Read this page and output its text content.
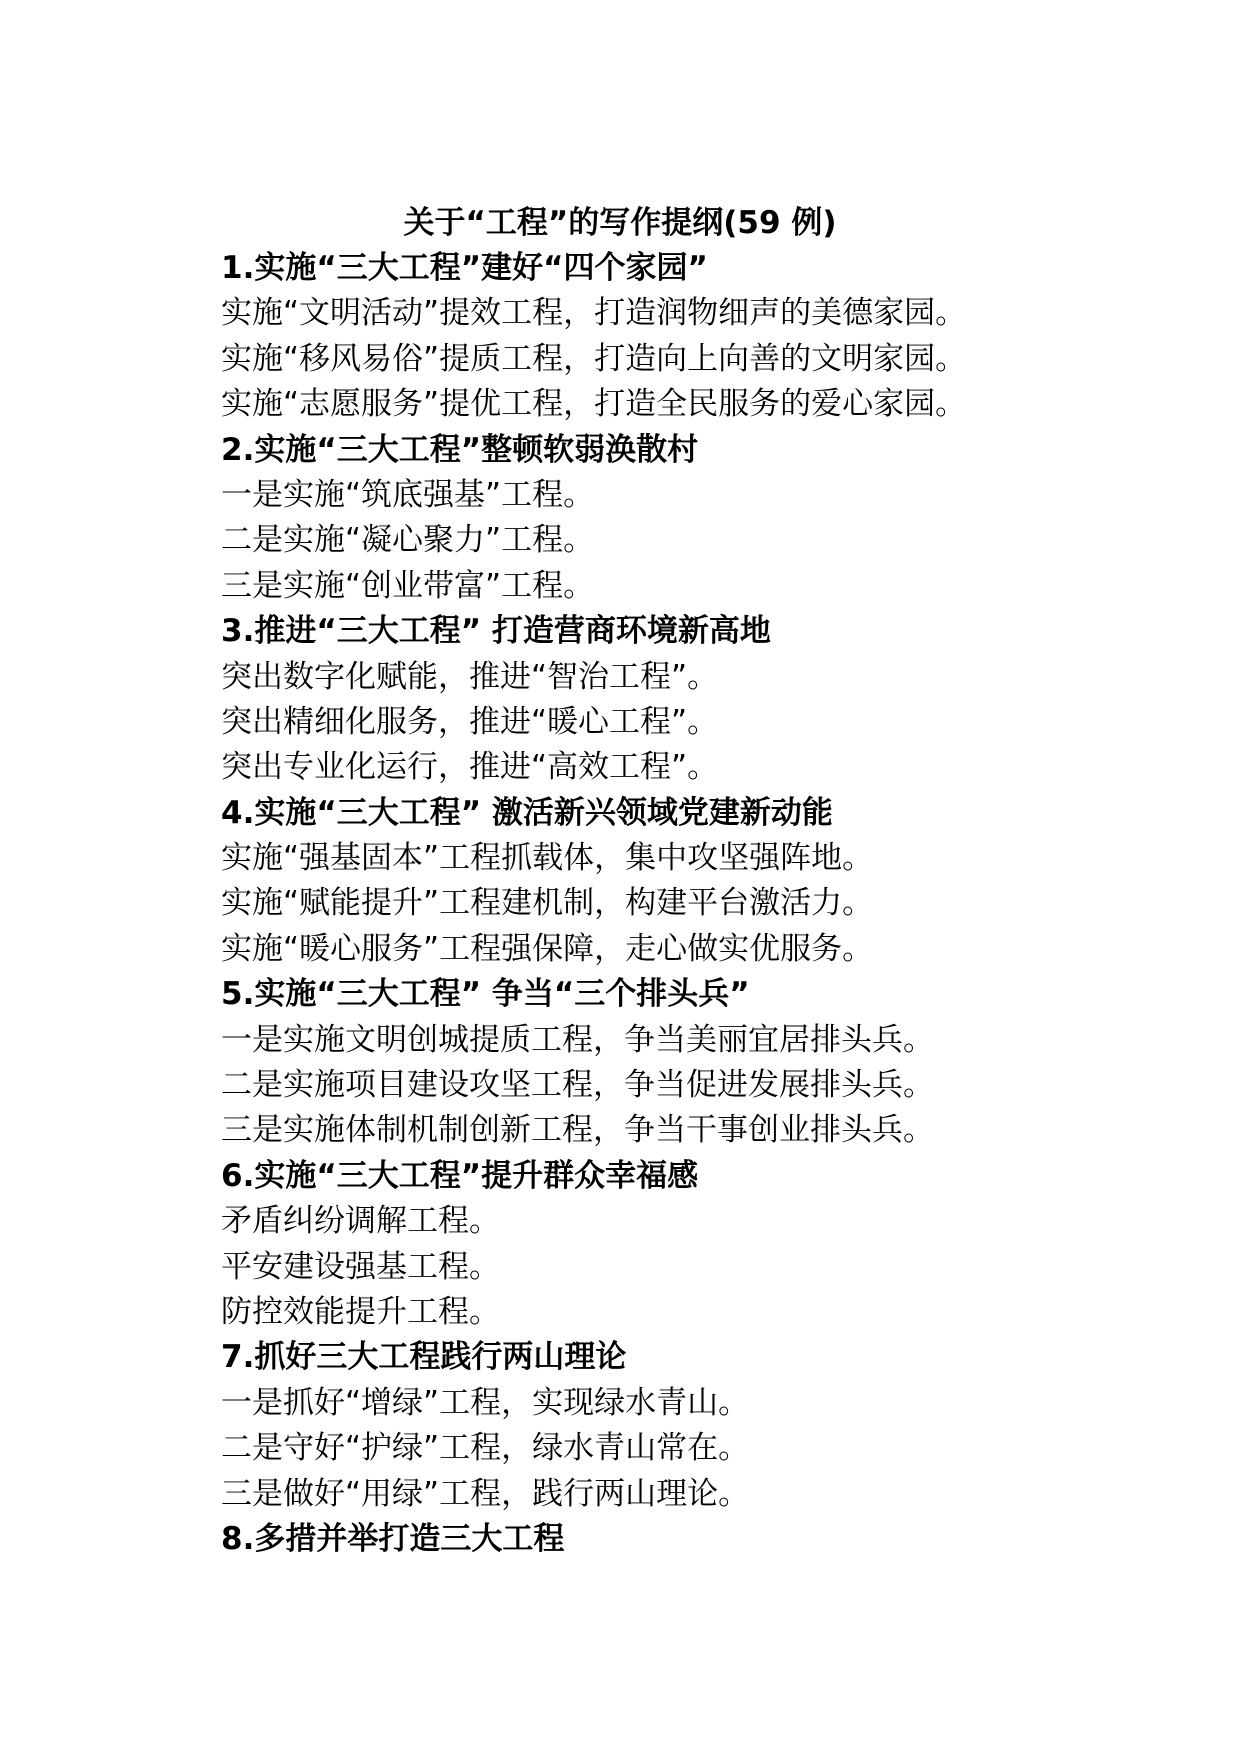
关于“工程”的写作提纲(59 例)
1.实施“三大工程”建好“四个家园”
实施“文明活动”提效工程，打造润物细声的美德家园。
实施“移风易俗”提质工程，打造向上向善的文明家园。
实施“志愿服务”提优工程，打造全民服务的爱心家园。
2.实施“三大工程”整顿软弱涣散村
一是实施“筑底强基”工程。
二是实施“凝心聚力”工程。
三是实施“创业带富”工程。
3.推进“三大工程” 打造营商环境新高地
突出数字化赋能，推进“智治工程”。
突出精细化服务，推进“暖心工程”。
突出专业化运行，推进“高效工程”。
4.实施“三大工程” 激活新兴领域党建新动能
实施“强基固本”工程抓载体，集中攻坚强阵地。
实施“赋能提升”工程建机制，构建平台激活力。
实施“暖心服务”工程强保障，走心做实优服务。
5.实施“三大工程” 争当“三个排头兵”
一是实施文明创城提质工程，争当美丽宜居排头兵。
二是实施项目建设攻坚工程，争当促进发展排头兵。
三是实施体制机制创新工程，争当干事创业排头兵。
6.实施“三大工程”提升群众幸福感
矛盾纠纷调解工程。
平安建设强基工程。
防控效能提升工程。
7.抓好三大工程践行两山理论
一是抓好“增绿”工程，实现绿水青山。
二是守好“护绿”工程，绿水青山常在。
三是做好“用绿”工程，践行两山理论。
8.多措并举打造三大工程
